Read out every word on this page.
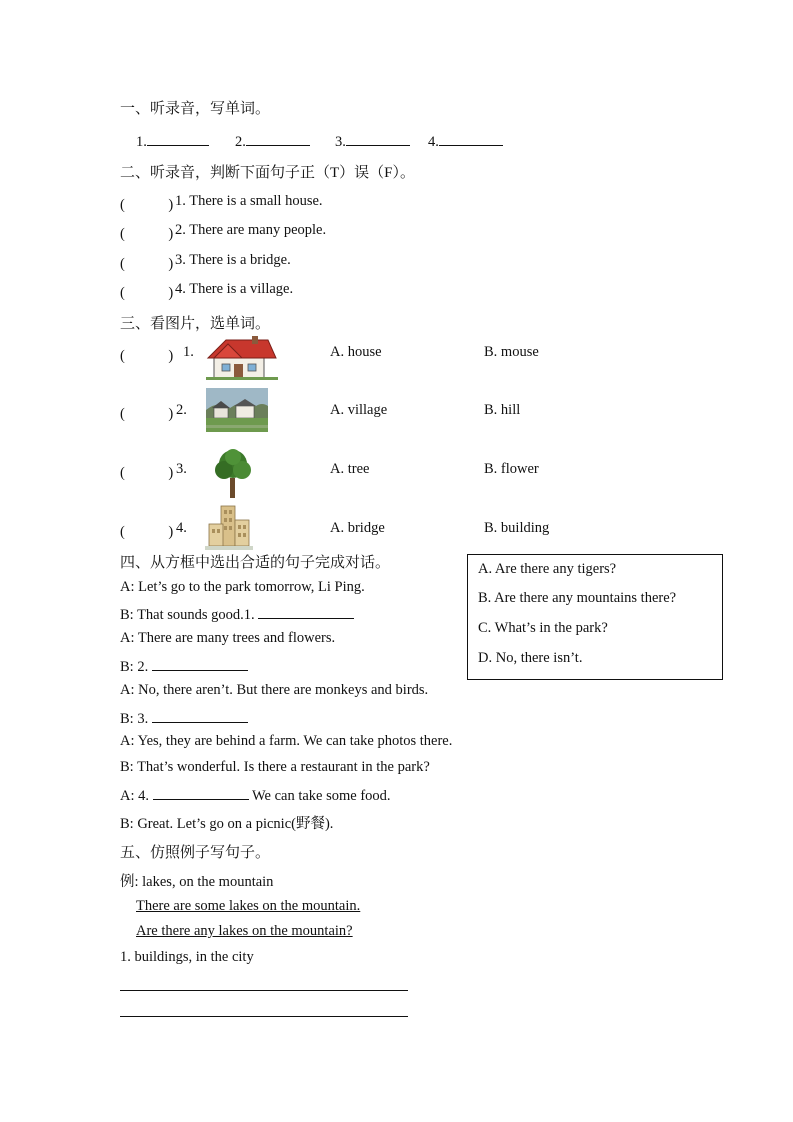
一、听录音，写单词。
1.	2.	3.	4.
二、听录音，判断下面句子正（T）误（F）。
(　　　) 1. There is a small house.
(　　　) 2. There are many people.
(　　　) 3. There is a bridge.
(　　　) 4. There is a village.
三、看图片，选单词。
(　　　) 1.	A. house	B. mouse
(　　　) 2.	A. village	B. hill
(　　　) 3.	A. tree	B. flower
(　　　) 4.	A. bridge	B. building
四、从方框中选出合适的句子完成对话。	A. Are there any tigers?
B. Are there any mountains there?
C. What’s in the park?
D. No, there isn’t.
A: Let’s go to the park tomorrow, Li Ping.
B: That sounds good.1.
A: There are many trees and flowers.
B: 2.
A: No, there aren’t. But there are monkeys and birds.
B: 3.
A: Yes, they are behind a farm. We can take photos there.
B: That’s wonderful. Is there a restaurant in the park?
A: 4.	We can take some food.
B: Great. Let’s go on a picnic(野餐).
五、仿照例子写句子。
例: lakes, on the mountain
There are some lakes on the mountain.
Are there any lakes on the mountain?
1. buildings, in the city
